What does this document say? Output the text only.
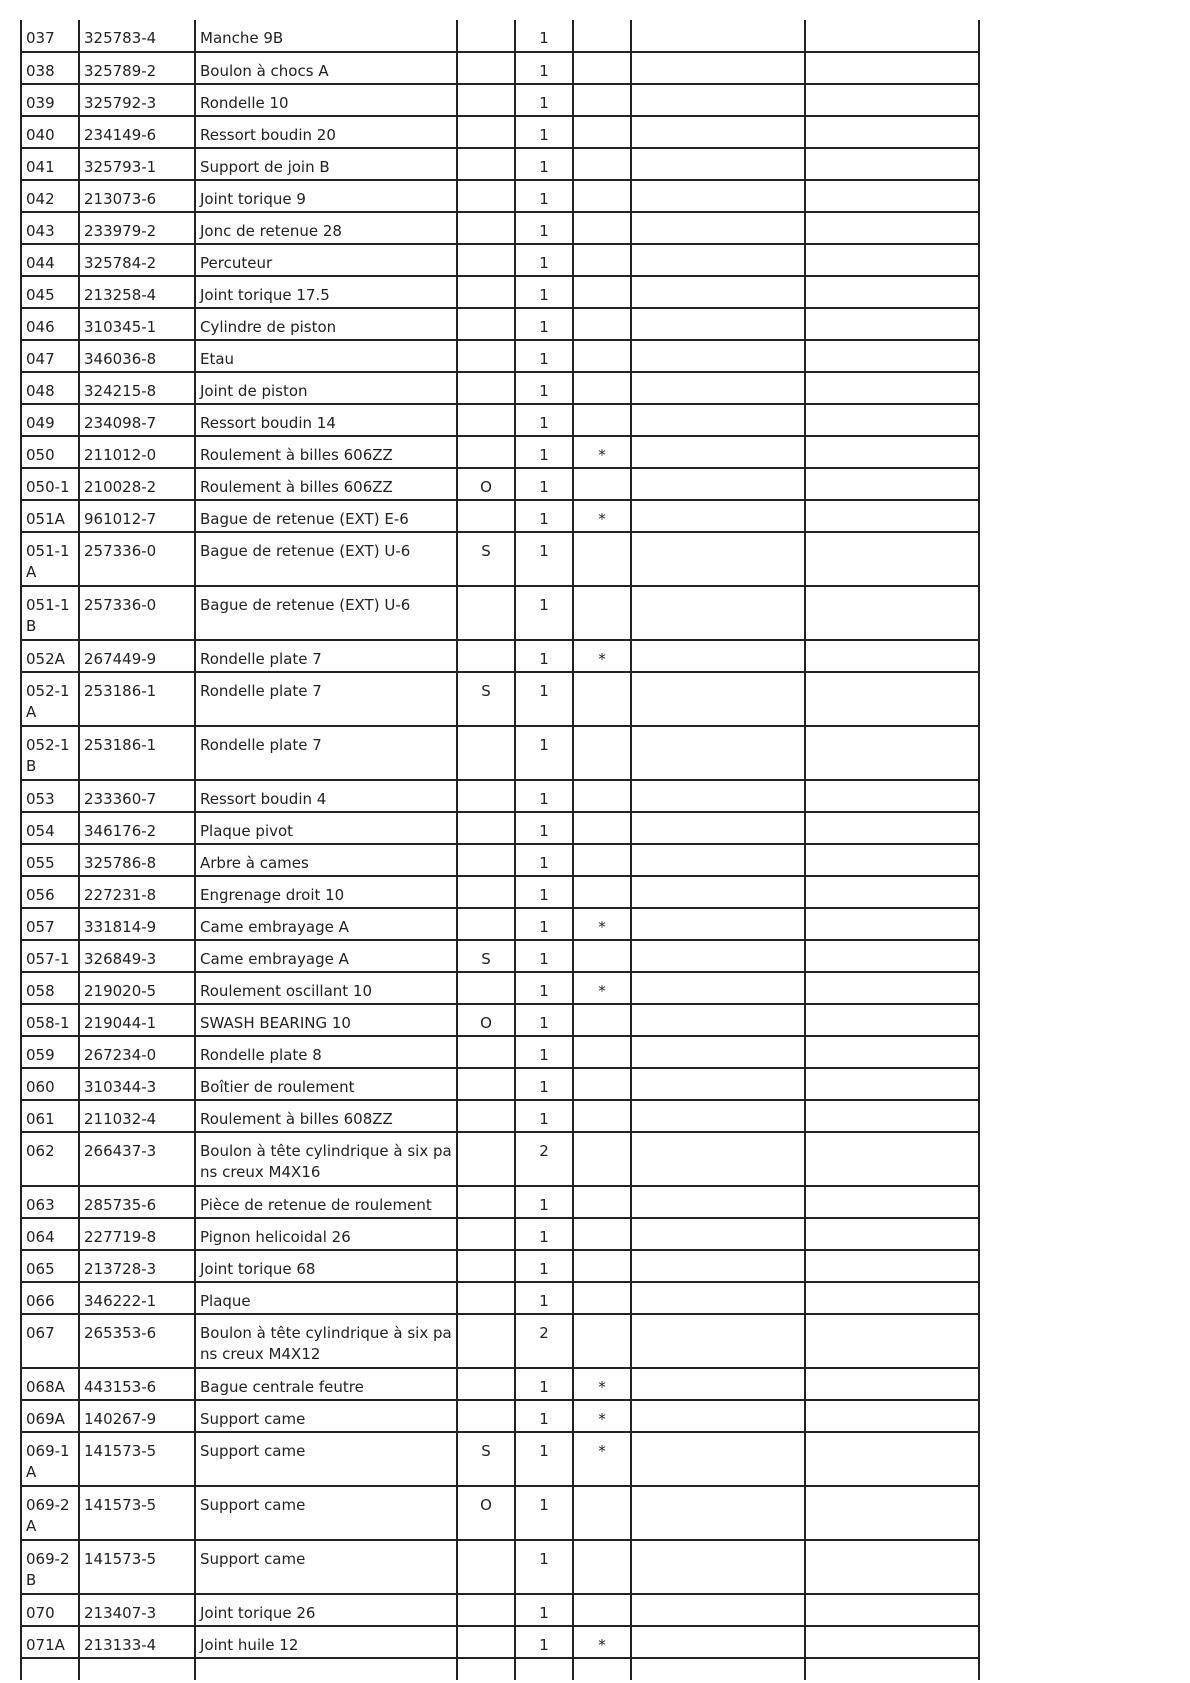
037	325783-4	Manche 9B		1			
038	325789-2	Boulon à chocs A		1			
039	325792-3	Rondelle 10		1			
040	234149-6	Ressort boudin 20		1			
041	325793-1	Support de join B		1			
042	213073-6	Joint torique 9		1			
043	233979-2	Jonc de retenue 28		1			
044	325784-2	Percuteur		1			
045	213258-4	Joint torique 17.5		1			
046	310345-1	Cylindre de piston		1			
047	346036-8	Etau		1			
048	324215-8	Joint de piston		1			
049	234098-7	Ressort boudin 14		1			
050	211012-0	Roulement à billes 606ZZ		1	*		
050-1	210028-2	Roulement à billes 606ZZ	O	1			
051A	961012-7	Bague de retenue (EXT) E-6		1	*		
051-1A	257336-0	Bague de retenue (EXT) U-6	S	1			
051-1B	257336-0	Bague de retenue (EXT) U-6		1			
052A	267449-9	Rondelle plate 7		1	*		
052-1A	253186-1	Rondelle plate 7	S	1			
052-1B	253186-1	Rondelle plate 7		1			
053	233360-7	Ressort boudin 4		1			
054	346176-2	Plaque pivot		1			
055	325786-8	Arbre à cames		1			
056	227231-8	Engrenage droit 10		1			
057	331814-9	Came embrayage A		1	*		
057-1	326849-3	Came embrayage A	S	1			
058	219020-5	Roulement oscillant 10		1	*		
058-1	219044-1	SWASH BEARING 10	O	1			
059	267234-0	Rondelle plate 8		1			
060	310344-3	Boîtier de roulement		1			
061	211032-4	Roulement à billes 608ZZ		1			
062	266437-3	Boulon à tête cylindrique à six pans creux M4X16		2			
063	285735-6	Pièce de retenue de roulement		1			
064	227719-8	Pignon helicoidal 26		1			
065	213728-3	Joint torique 68		1			
066	346222-1	Plaque		1			
067	265353-6	Boulon à tête cylindrique à six pans creux M4X12		2			
068A	443153-6	Bague centrale feutre		1	*		
069A	140267-9	Support came		1	*		
069-1A	141573-5	Support came	S	1	*		
069-2A	141573-5	Support came	O	1			
069-2B	141573-5	Support came		1			
070	213407-3	Joint torique 26		1			
071A	213133-4	Joint huile 12		1	*		
